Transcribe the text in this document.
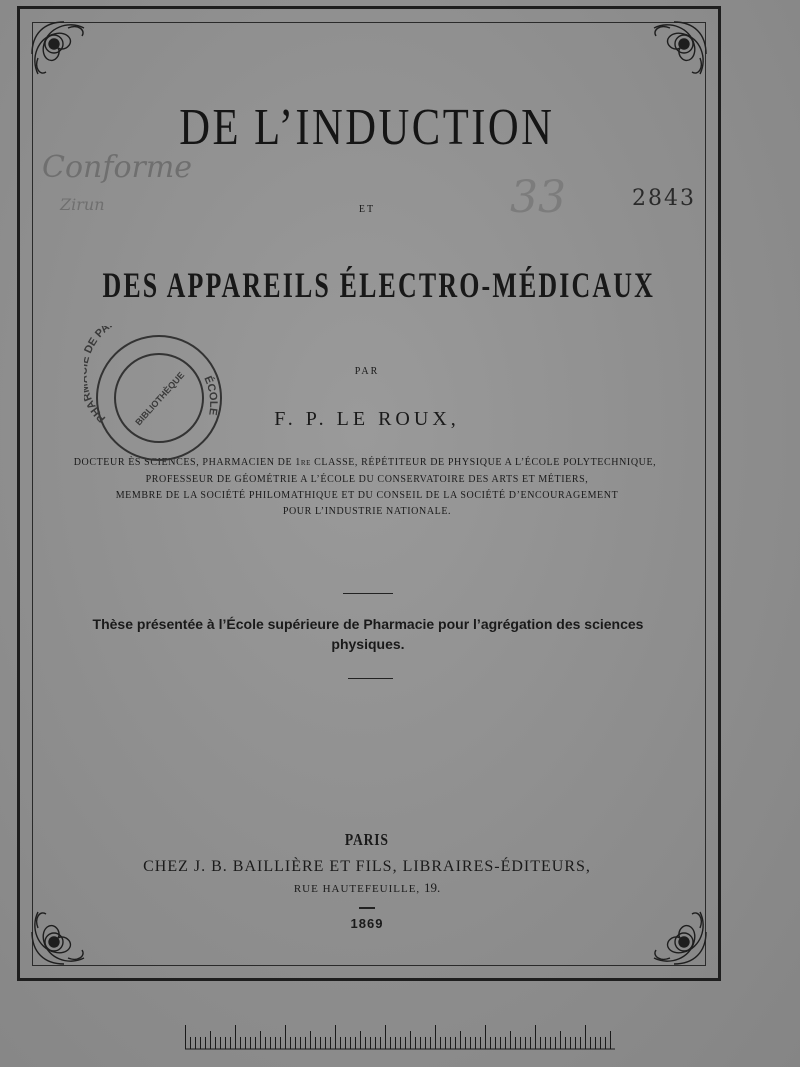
Conforme
Zirun	33	2843
DE L’INDUCTION
ET
DES APPAREILS ÉLECTRO-MÉDICAUX
PAR
F. P. LE ROUX,
DOCTEUR ÈS SCIENCES, PHARMACIEN DE 1re CLASSE, RÉPÉTITEUR DE PHYSIQUE A L’ÉCOLE POLYTECHNIQUE,
PROFESSEUR DE GÉOMÉTRIE A L’ÉCOLE DU CONSERVATOIRE DES ARTS ET MÉTIERS,
MEMBRE DE LA SOCIÉTÉ PHILOMATHIQUE ET DU CONSEIL DE LA SOCIÉTÉ D’ENCOURAGEMENT
POUR L’INDUSTRIE NATIONALE.
Thèse présentée à l’École supérieure de Pharmacie pour l’agrégation des sciences physiques.
PARIS
CHEZ J. B. BAILLIÈRE ET FILS, LIBRAIRES-ÉDITEURS,
RUE HAUTEFEUILLE, 19.
1869
PHA E PA
ÉCOLE
BIBLIOTHÈQUE
